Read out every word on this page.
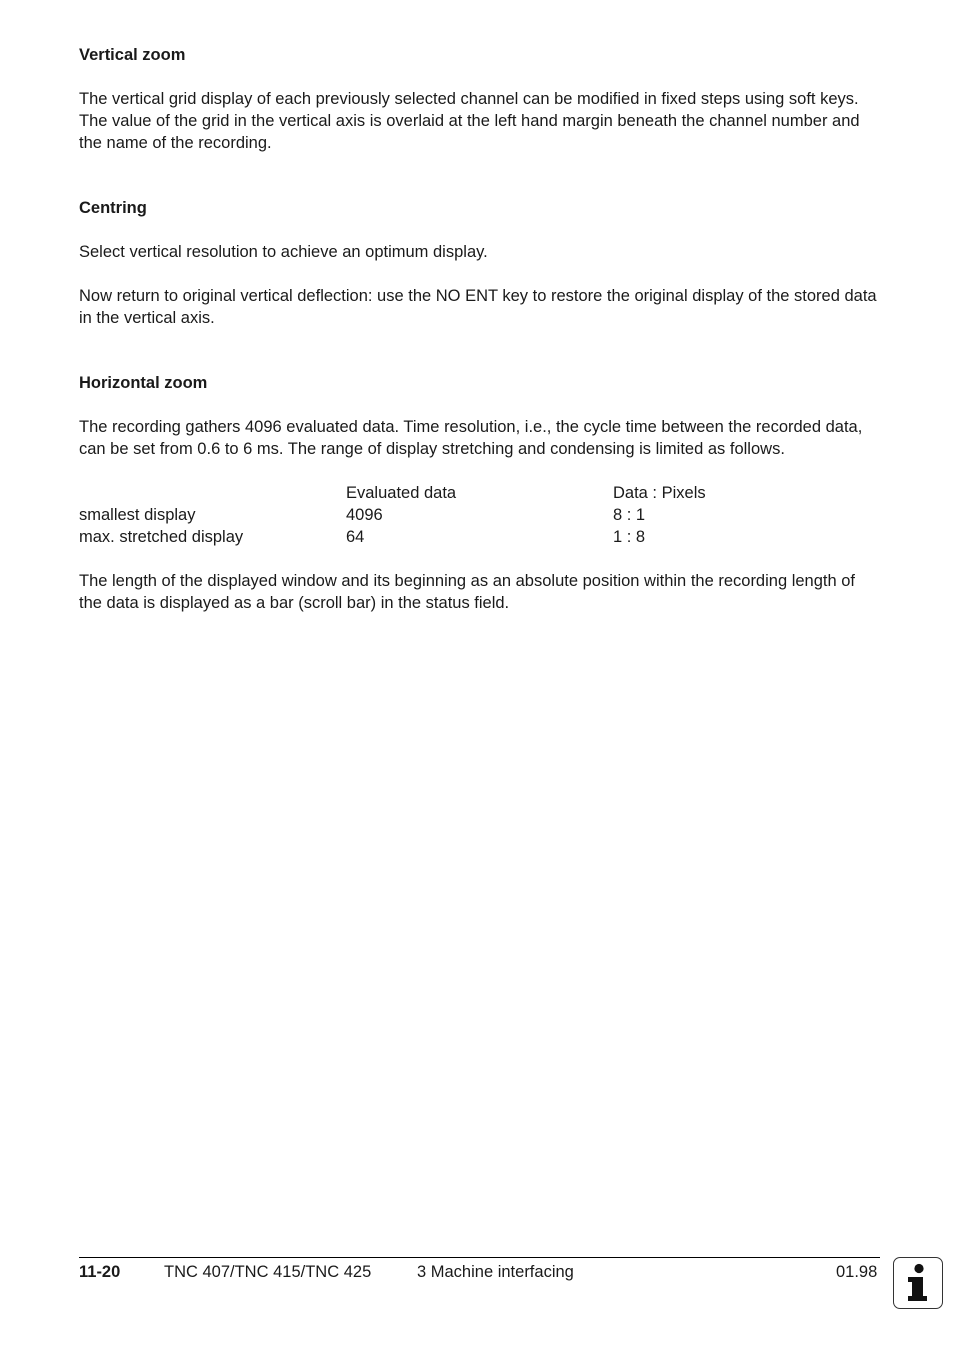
Vertical zoom

The vertical grid display of each previously selected channel can be modified in fixed steps using soft keys. The value of the grid in the vertical axis is overlaid at the left hand margin beneath the channel number and the name of the recording.

Centring

Select vertical resolution to achieve an optimum display.

Now return to original vertical deflection: use the NO ENT key to restore the original display of the stored data in the vertical axis.

Horizontal zoom

The recording gathers 4096 evaluated data. Time resolution, i.e., the cycle time between the recorded data, can be set from 0.6 to 6 ms. The range of display stretching and condensing is limited as follows.

	Evaluated data	Data : Pixels
smallest display	4096	8 : 1
max. stretched display	64	1 : 8

The length of the displayed window and its beginning as an absolute position within the recording length of the data is displayed as a bar (scroll bar) in the status field.

11-20	TNC 407/TNC 415/TNC 425	3 Machine interfacing	01.98
